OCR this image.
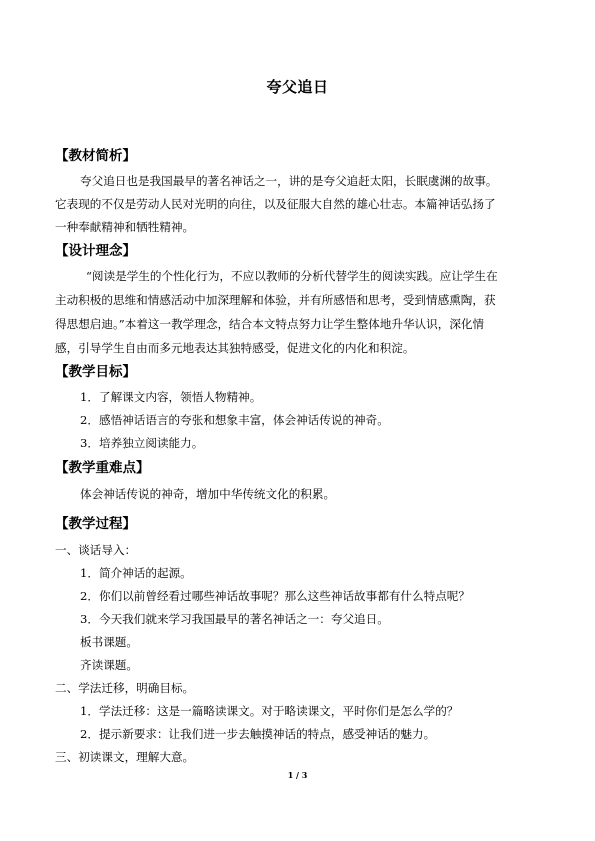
夸父追日
【教材简析】
夸父追日也是我国最早的著名神话之一，讲的是夸父追赶太阳，长眠虞渊的故事。
它表现的不仅是劳动人民对光明的向往，以及征服大自然的雄心壮志。本篇神话弘扬了
一种奉献精神和牺牲精神。
【设计理念】
“阅读是学生的个性化行为，不应以教师的分析代替学生的阅读实践。应让学生在
主动积极的思维和情感活动中加深理解和体验，并有所感悟和思考，受到情感熏陶，获
得思想启迪。”本着这一教学理念，结合本文特点努力让学生整体地升华认识，深化情
感，引导学生自由而多元地表达其独特感受，促进文化的内化和积淀。
【教学目标】
1．了解课文内容，领悟人物精神。
2．感悟神话语言的夸张和想象丰富，体会神话传说的神奇。
3．培养独立阅读能力。
【教学重难点】
体会神话传说的神奇，增加中华传统文化的积累。
【教学过程】
一、谈话导入：
1．简介神话的起源。
2．你们以前曾经看过哪些神话故事呢？那么这些神话故事都有什么特点呢？
3．今天我们就来学习我国最早的著名神话之一：夸父追日。
板书课题。
齐读课题。
二、学法迁移，明确目标。
1．学法迁移：这是一篇略读课文。对于略读课文，平时你们是怎么学的？
2．提示新要求：让我们进一步去触摸神话的特点，感受神话的魅力。
三、初读课文，理解大意。
1 / 3
